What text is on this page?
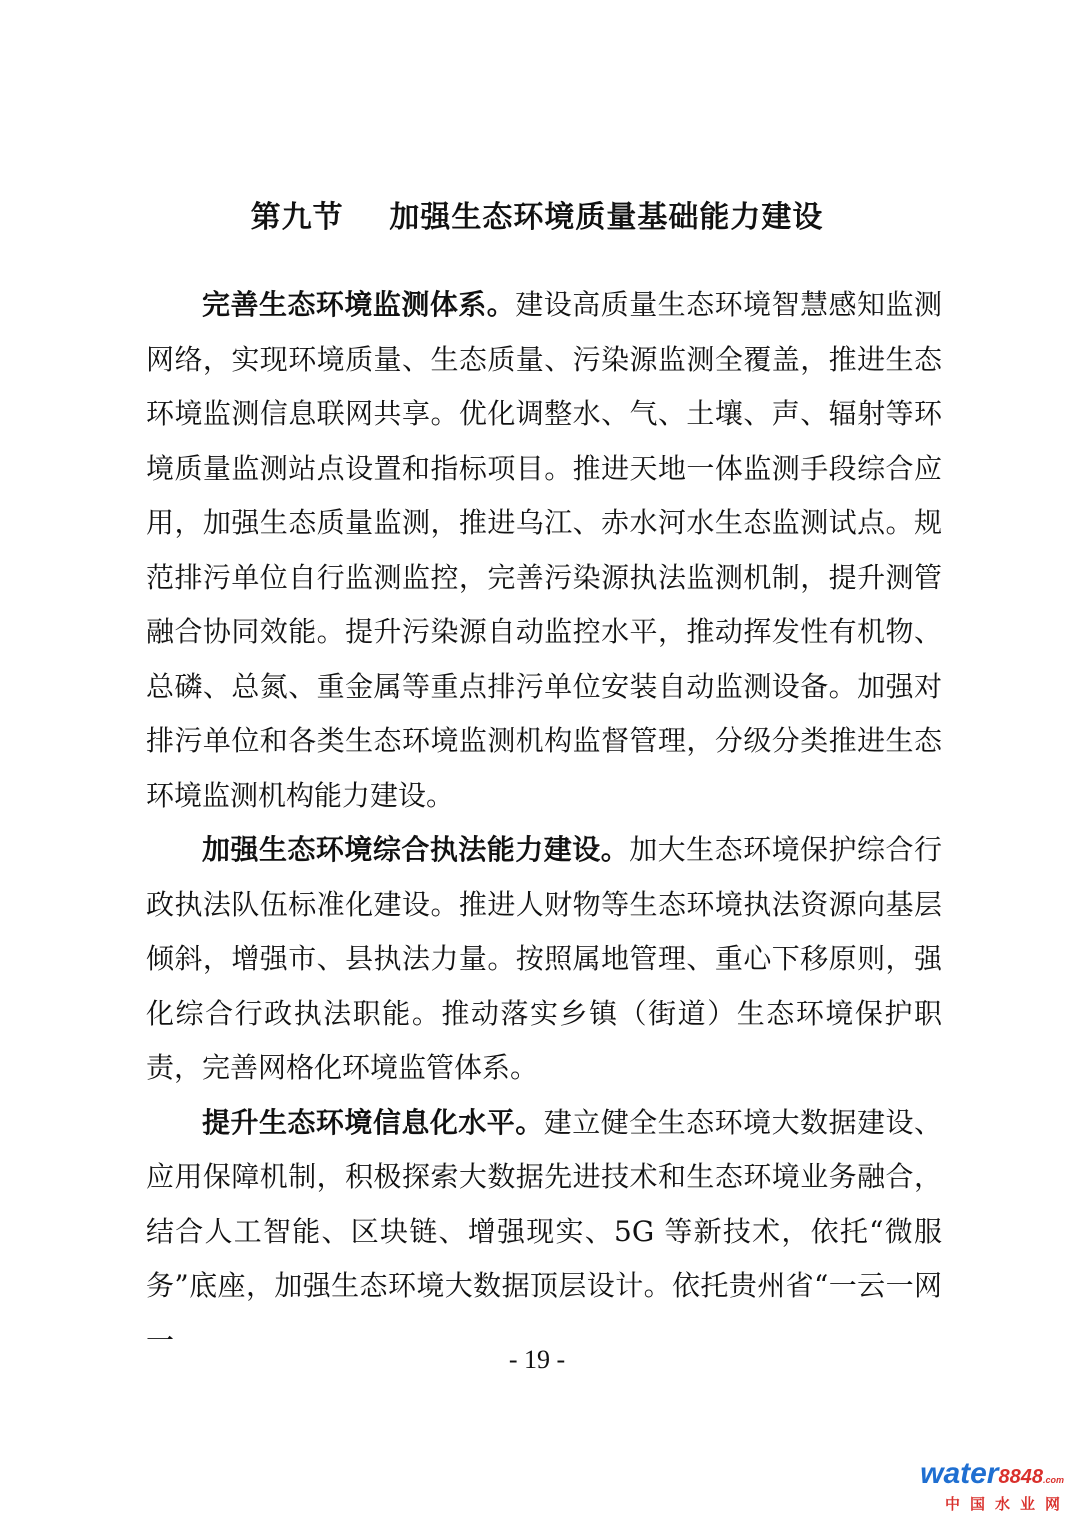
第九节    加强生态环境质量基础能力建设

完善生态环境监测体系。建设高质量生态环境智慧感知监测网络，实现环境质量、生态质量、污染源监测全覆盖，推进生态环境监测信息联网共享。优化调整水、气、土壤、声、辐射等环境质量监测站点设置和指标项目。推进天地一体监测手段综合应用，加强生态质量监测，推进乌江、赤水河水生态监测试点。规范排污单位自行监测监控，完善污染源执法监测机制，提升测管融合协同效能。提升污染源自动监控水平，推动挥发性有机物、总磷、总氮、重金属等重点排污单位安装自动监测设备。加强对排污单位和各类生态环境监测机构监督管理，分级分类推进生态环境监测机构能力建设。

加强生态环境综合执法能力建设。加大生态环境保护综合行政执法队伍标准化建设。推进人财物等生态环境执法资源向基层倾斜，增强市、县执法力量。按照属地管理、重心下移原则，强化综合行政执法职能。推动落实乡镇（街道）生态环境保护职责，完善网格化环境监管体系。

提升生态环境信息化水平。建立健全生态环境大数据建设、应用保障机制，积极探索大数据先进技术和生态环境业务融合，结合人工智能、区块链、增强现实、5G 等新技术，依托“微服务”底座，加强生态环境大数据顶层设计。依托贵州省“一云一网一

- 19 -
water8848.com
中国水业网
